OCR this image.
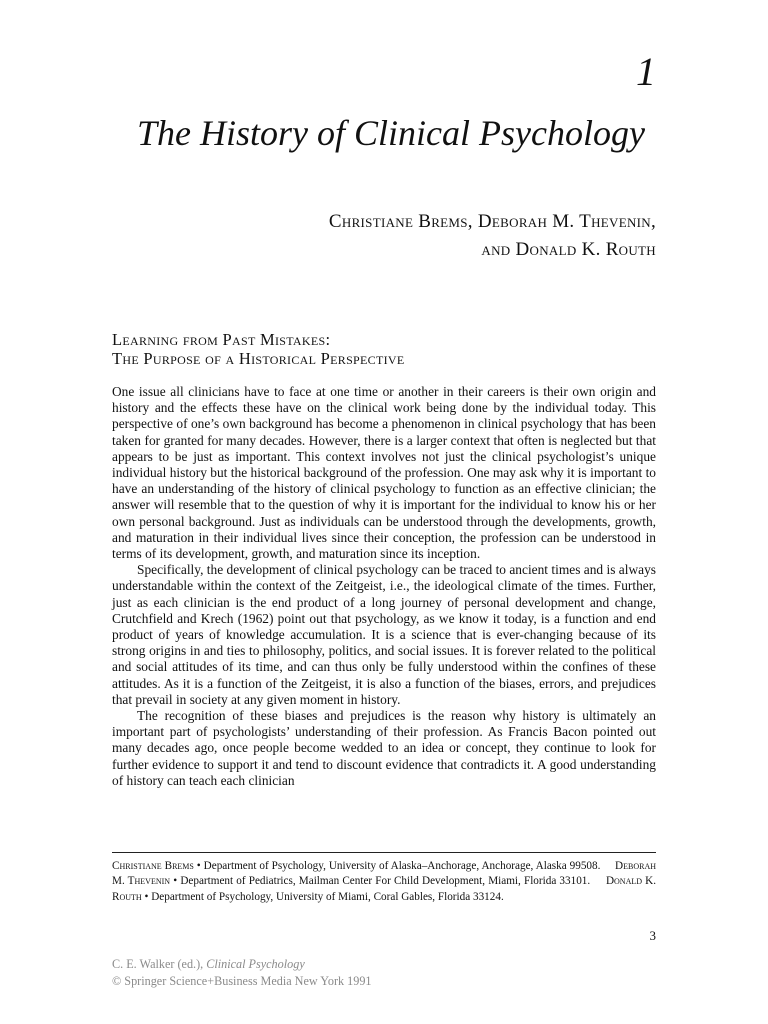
1
The History of Clinical Psychology
Christiane Brems, Deborah M. Thevenin,
and Donald K. Routh
Learning from Past Mistakes:
The Purpose of a Historical Perspective

One issue all clinicians have to face at one time or another in their careers is their own origin and history and the effects these have on the clinical work being done by the individual today. This perspective of one’s own background has become a phenomenon in clinical psychology that has been taken for granted for many decades. However, there is a larger context that often is neglected but that appears to be just as important. This context involves not just the clinical psychologist’s unique individual history but the historical background of the profession. One may ask why it is important to have an understanding of the history of clinical psychology to function as an effective clinician; the answer will resemble that to the question of why it is important for the individual to know his or her own personal background. Just as individuals can be understood through the developments, growth, and maturation in their individual lives since their conception, the profession can be understood in terms of its development, growth, and maturation since its inception.

Specifically, the development of clinical psychology can be traced to ancient times and is always understandable within the context of the Zeitgeist, i.e., the ideological climate of the times. Further, just as each clinician is the end product of a long journey of personal development and change, Crutchfield and Krech (1962) point out that psychology, as we know it today, is a function and end product of years of knowledge accumulation. It is a science that is ever-changing because of its strong origins in and ties to philosophy, politics, and social issues. It is forever related to the political and social attitudes of its time, and can thus only be fully understood within the confines of these attitudes. As it is a function of the Zeitgeist, it is also a function of the biases, errors, and prejudices that prevail in society at any given moment in history.

The recognition of these biases and prejudices is the reason why history is ultimately an important part of psychologists’ understanding of their profession. As Francis Bacon pointed out many decades ago, once people become wedded to an idea or concept, they continue to look for further evidence to support it and tend to discount evidence that contradicts it. A good understanding of history can teach each clinician

Christiane Brems • Department of Psychology, University of Alaska–Anchorage, Anchorage, Alaska 99508. Deborah M. Thevenin • Department of Pediatrics, Mailman Center For Child Development, Miami, Florida 33101. Donald K. Routh • Department of Psychology, University of Miami, Coral Gables, Florida 33124.
3
C. E. Walker (ed.), Clinical Psychology
© Springer Science+Business Media New York 1991
